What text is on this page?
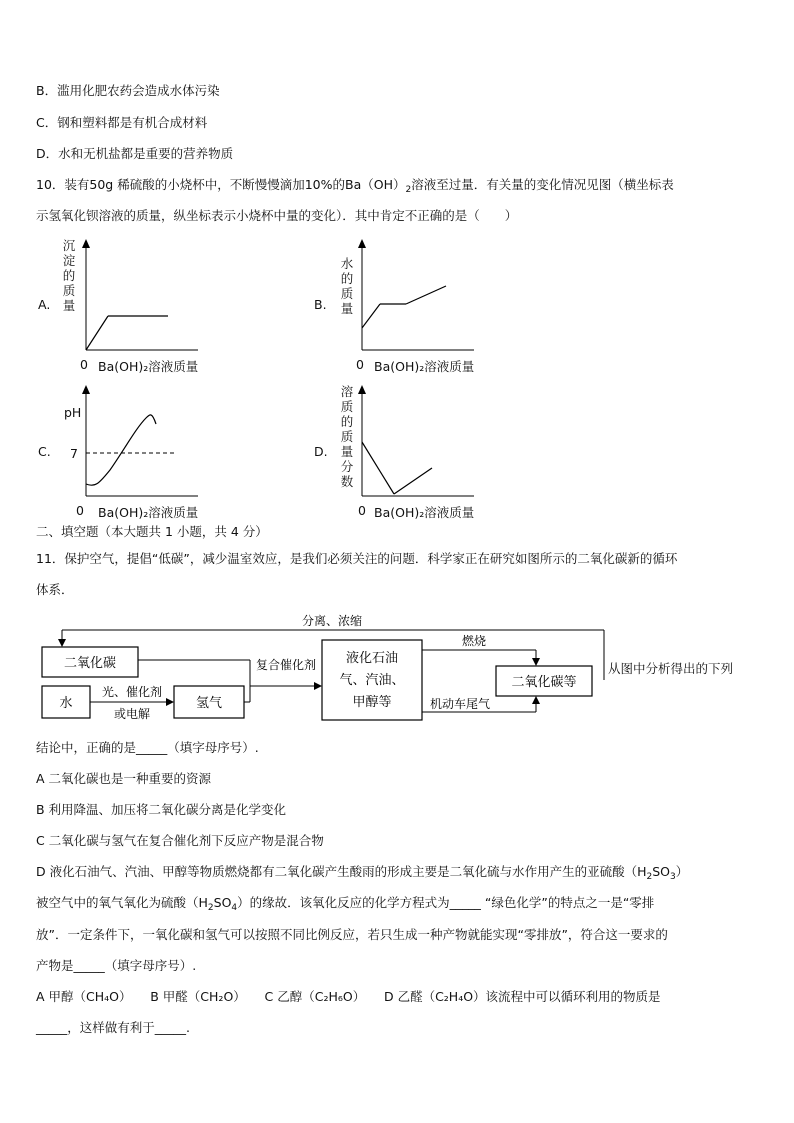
B．滥用化肥农药会造成水体污染
C．钢和塑料都是有机合成材料
D．水和无机盐都是重要的营养物质
10．装有50g 稀硫酸的小烧杯中，不断慢慢滴加10%的$Ba(OH)_2$溶液至过量．有关量的变化情况见图（横坐标表
示氢氧化钡溶液的质量，纵坐标表示小烧杯中量的变化）．其中肯定不正确的是（　　）
A.
沉
淀
的
质
量
0 Ba(OH)₂溶液质量
B.
水
的
质
量
0 Ba(OH)₂溶液质量
C.
pH
7
0 Ba(OH)₂溶液质量
D.
溶
质
的
质
量
分
数
0 Ba(OH)₂溶液质量
二、填空题（本大题共 1 小题，共 4 分）
11．保护空气，提倡“低碳”，减少温室效应，是我们必须关注的问题．科学家正在研究如图所示的二氧化碳新的循环
体系．
二氧化碳
水	氢气
液化石油
气、汽油、
甲醇等
二氧化碳等
分离、浓缩
光、催化剂
或电解
复合催化剂
燃烧
机动车尾气
从图中分析得出的下列
结论中，正确的是_____（填字母序号）.
A 二氧化碳也是一种重要的资源
B 利用降温、加压将二氧化碳分离是化学变化
C 二氧化碳与氢气在复合催化剂下反应产物是混合物
D 液化石油气、汽油、甲醇等物质燃烧都有二氧化碳产生酸雨的形成主要是二氧化硫与水作用产生的亚硫酸$(H_2SO_3)$
被空气中的氧气氧化为硫酸$(H_2SO_4)$的缘故．该氧化反应的化学方程式为_____ “绿色化学”的特点之一是“零排
放”．一定条件下，一氧化碳和氢气可以按照不同比例反应，若只生成一种产物就能实现“零排放”，符合这一要求的
产物是_____（填字母序号）.
A 甲醇（CH₄O）　　B 甲醛（CH₂O）　　C 乙醇（C₂H₆O）　　D 乙醛（C₂H₄O）该流程中可以循环利用的物质是
_____，这样做有利于_____.
